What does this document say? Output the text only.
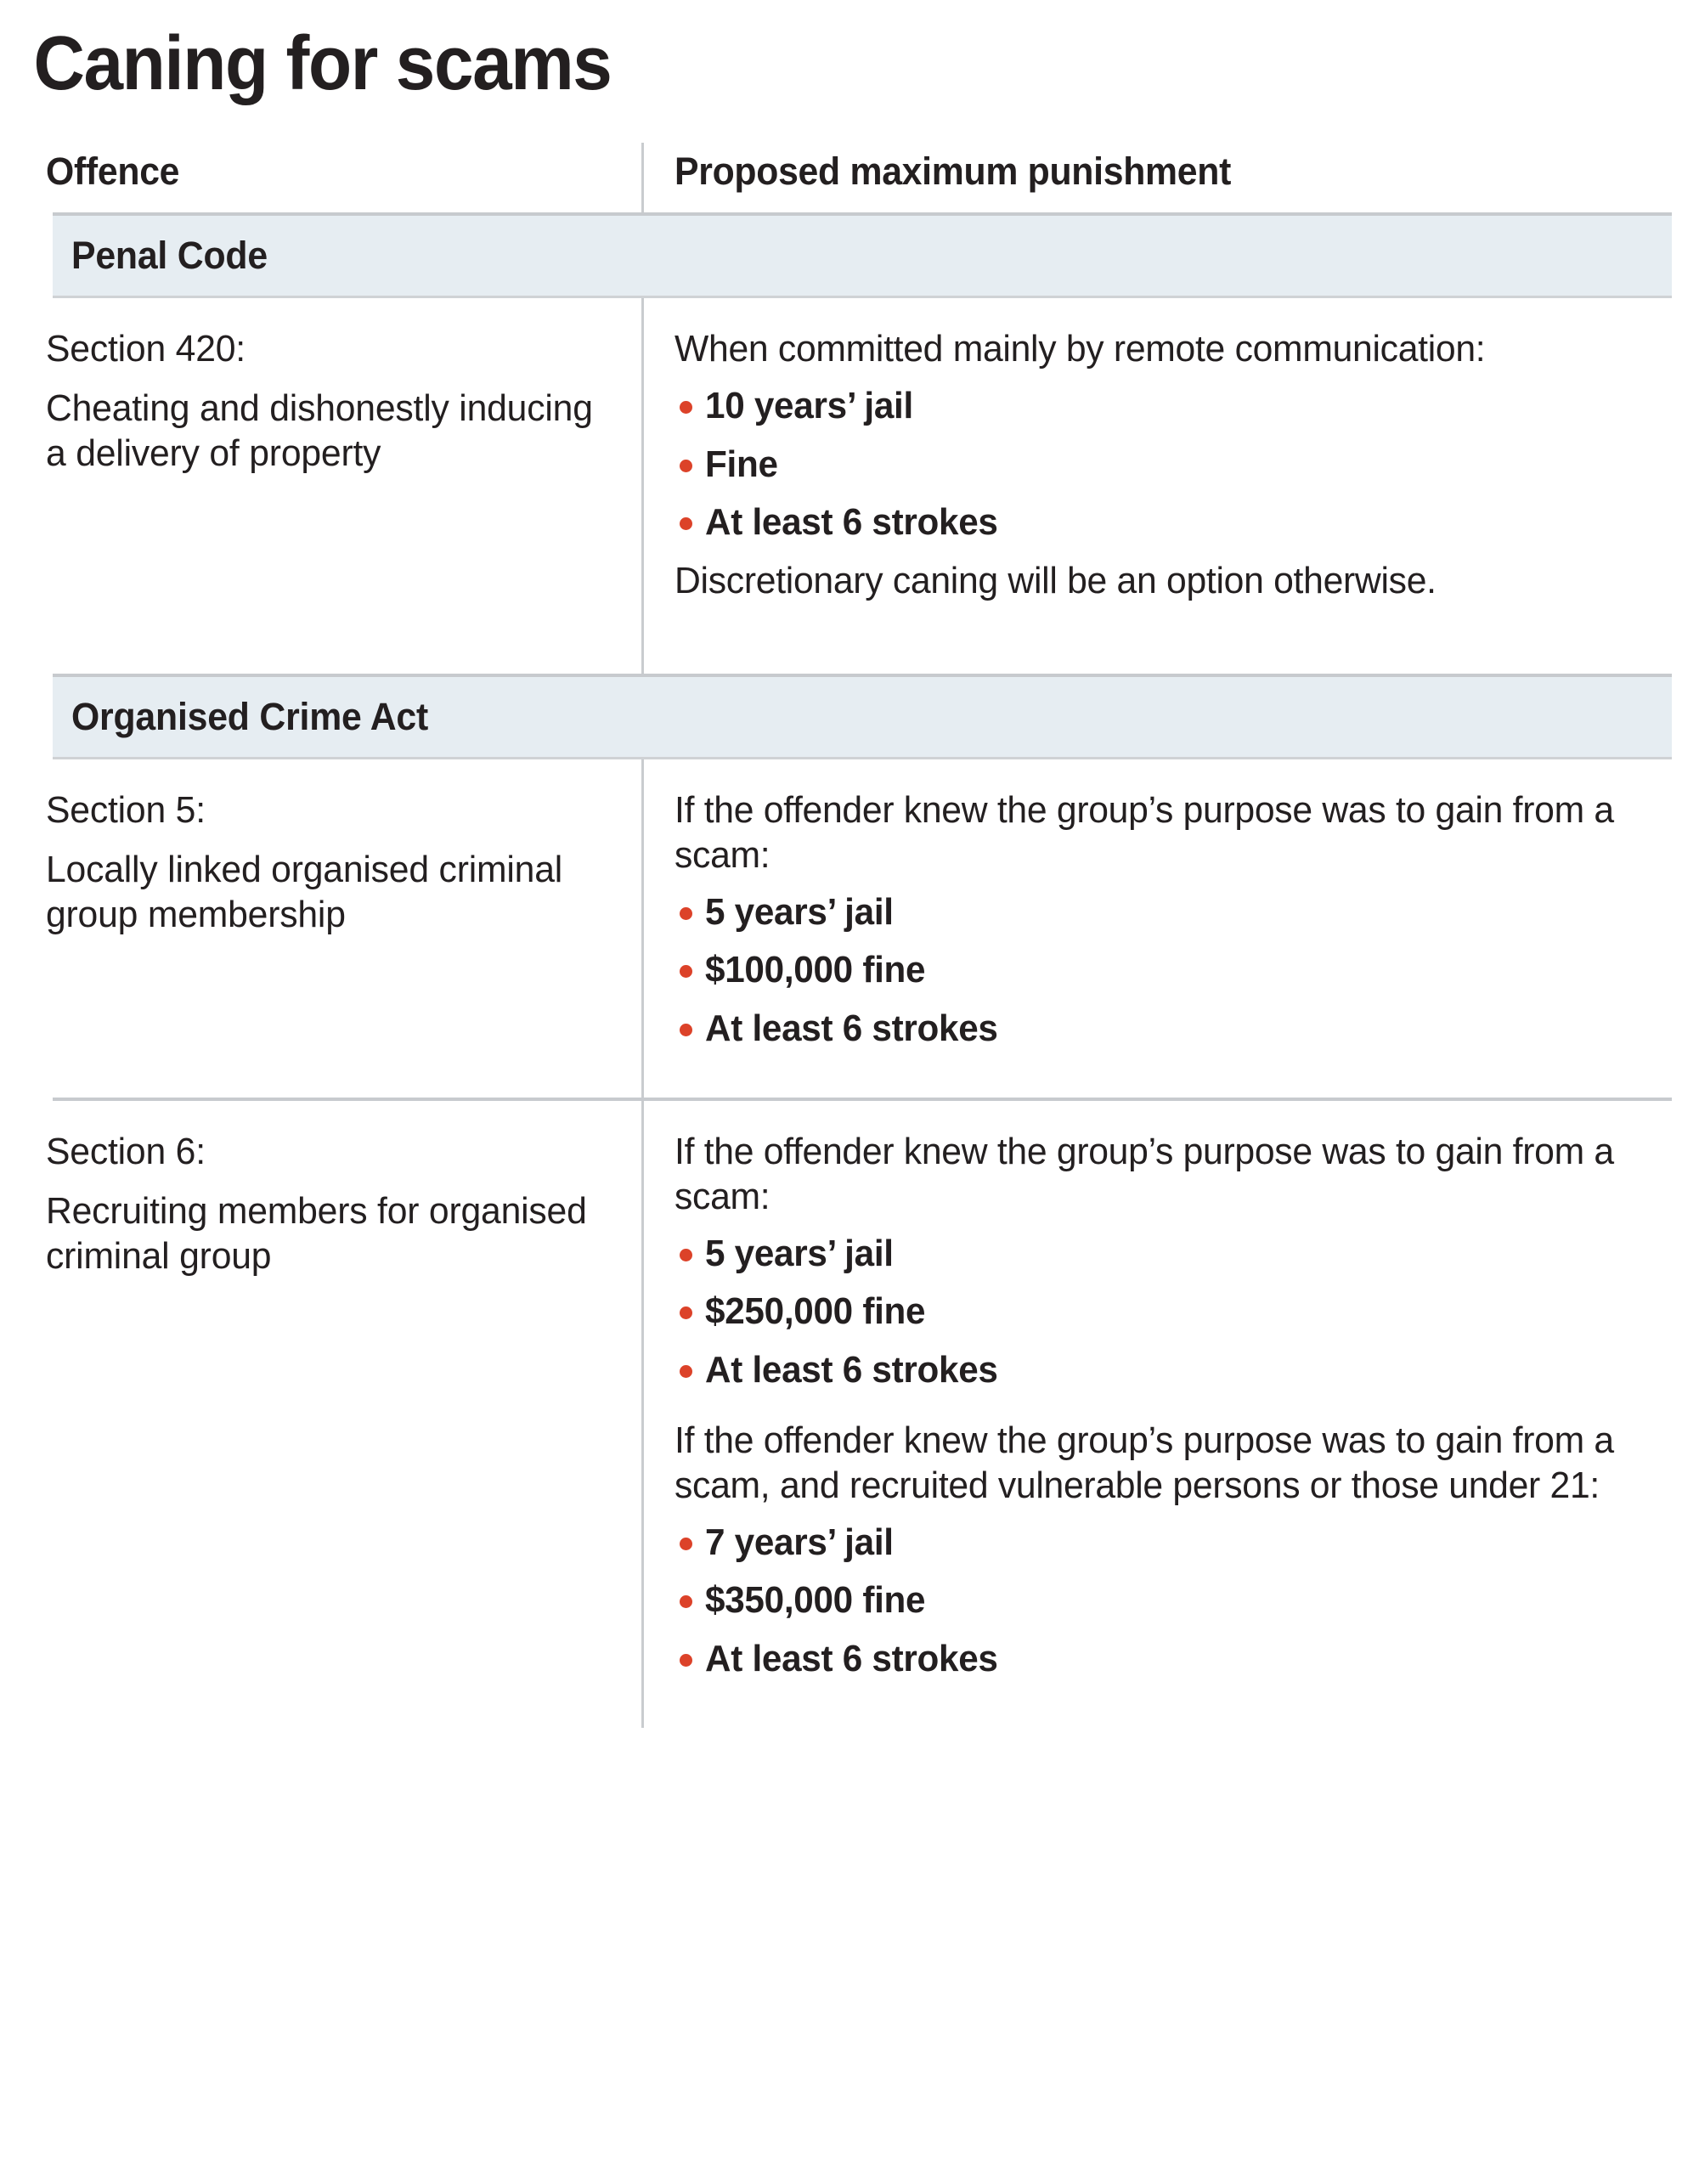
Caning for scams
Offence	Proposed maximum punishment
Penal Code
Section 420:
Cheating and dishonestly inducing a delivery of property

When committed mainly by remote communication:

10 years’ jail
Fine
At least 6 strokes

Discretionary caning will be an option otherwise.

Organised Crime Act
Section 5:
Locally linked organised criminal group membership

If the offender knew the group’s purpose was to gain from a scam:

5 years’ jail
$100,000 fine
At least 6 strokes
Section 6:
Recruiting members for organised criminal group

If the offender knew the group’s purpose was to gain from a scam:

5 years’ jail
$250,000 fine
At least 6 strokes

If the offender knew the group’s purpose was to gain from a scam, and recruited vulnerable persons or those under 21:

7 years’ jail
$350,000 fine
At least 6 strokes
